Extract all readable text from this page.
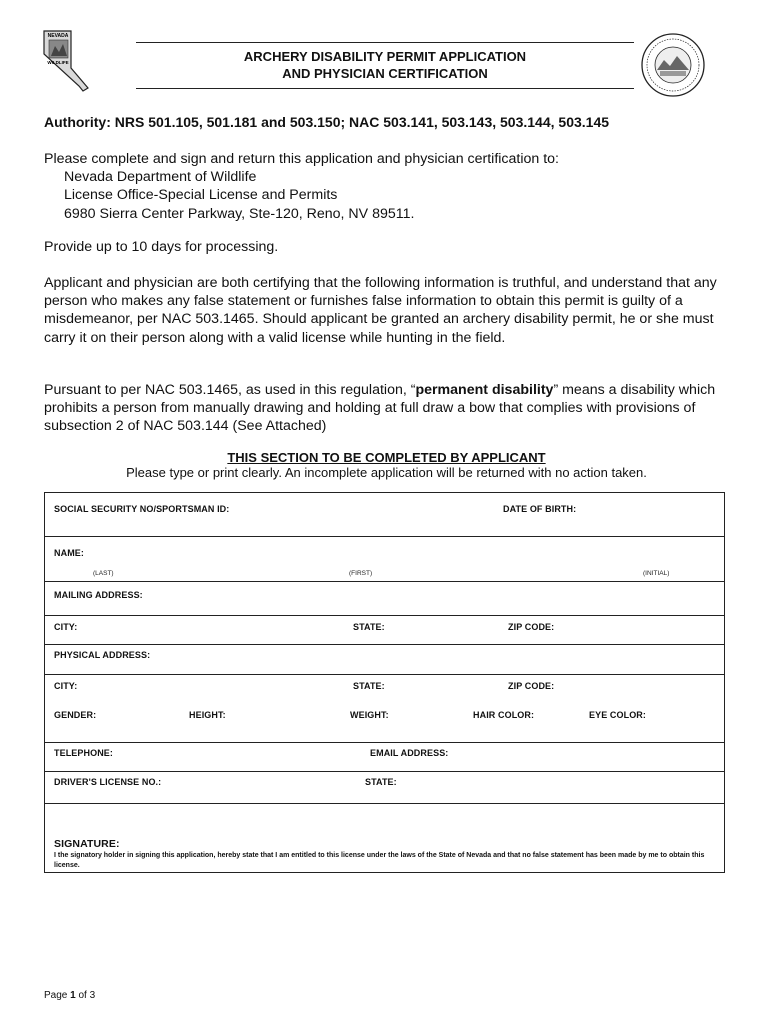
NEVADA
WILDLIFE	ARCHERY DISABILITY PERMIT APPLICATION
AND PHYSICIAN CERTIFICATION
Authority: NRS 501.105, 501.181 and 503.150; NAC 503.141, 503.143, 503.144, 503.145
Please complete and sign and return this application and physician certification to:
Nevada Department of Wildlife
License Office-Special License and Permits
6980 Sierra Center Parkway, Ste-120, Reno, NV 89511.
Provide up to 10 days for processing.
Applicant and physician are both certifying that the following information is truthful, and understand that any person who makes any false statement or furnishes false information to obtain this permit is guilty of a misdemeanor, per NAC 503.1465. Should applicant be granted an archery disability permit, he or she must carry it on their person along with a valid license while hunting in the field.
Pursuant to per NAC 503.1465, as used in this regulation, “permanent disability” means a disability which prohibits a person from manually drawing and holding at full draw a bow that complies with provisions of subsection 2 of NAC 503.144 (See Attached)
THIS SECTION TO BE COMPLETED BY APPLICANT
Please type or print clearly. An incomplete application will be returned with no action taken.
SOCIAL SECURITY NO/SPORTSMAN ID:	DATE OF BIRTH:
NAME:
(LAST)	(FIRST)	(INITIAL)
MAILING ADDRESS:
CITY:	STATE:	ZIP CODE:
PHYSICAL ADDRESS:
CITY:	STATE:	ZIP CODE:
GENDER:	HEIGHT:	WEIGHT:	HAIR COLOR:	EYE COLOR:
TELEPHONE:	EMAIL ADDRESS:
DRIVER'S LICENSE NO.:	STATE:
SIGNATURE:
I the signatory holder in signing this application, hereby state that I am entitled to this license under the laws of the State of Nevada and that no false statement has been made by me to obtain this license.
Page 1 of 3
